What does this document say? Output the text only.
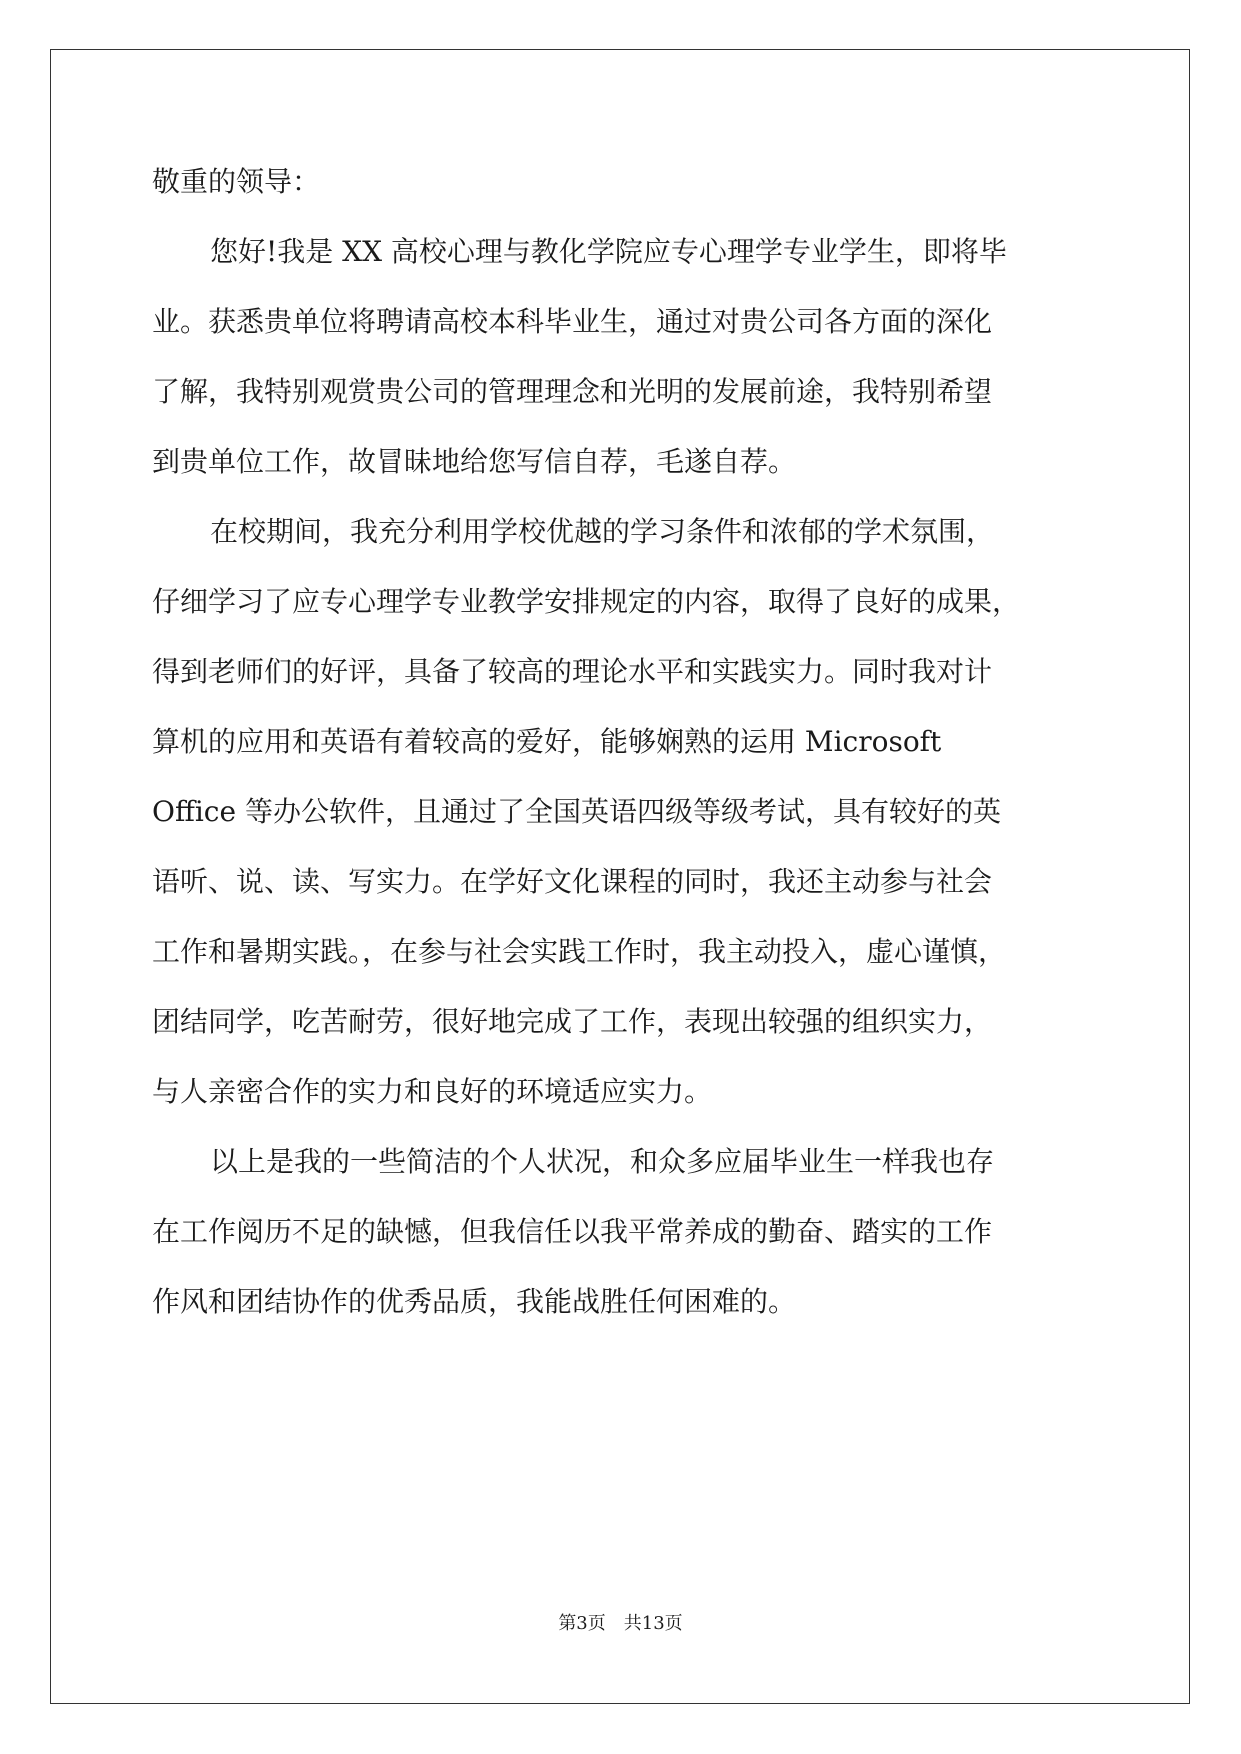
敬重的领导：
您好!我是 XX 高校心理与教化学院应专心理学专业学生，即将毕
业。获悉贵单位将聘请高校本科毕业生，通过对贵公司各方面的深化
了解，我特别观赏贵公司的管理理念和光明的发展前途，我特别希望
到贵单位工作，故冒昧地给您写信自荐，毛遂自荐。
在校期间，我充分利用学校优越的学习条件和浓郁的学术氛围，
仔细学习了应专心理学专业教学安排规定的内容，取得了良好的成果，
得到老师们的好评，具备了较高的理论水平和实践实力。同时我对计
算机的应用和英语有着较高的爱好，能够娴熟的运用 Microsoft
Office 等办公软件，且通过了全国英语四级等级考试，具有较好的英
语听、说、读、写实力。在学好文化课程的同时，我还主动参与社会
工作和暑期实践。，在参与社会实践工作时，我主动投入，虚心谨慎，
团结同学，吃苦耐劳，很好地完成了工作，表现出较强的组织实力，
与人亲密合作的实力和良好的环境适应实力。
以上是我的一些简洁的个人状况，和众多应届毕业生一样我也存
在工作阅历不足的缺憾，但我信任以我平常养成的勤奋、踏实的工作
作风和团结协作的优秀品质，我能战胜任何困难的。
第3页　共13页
